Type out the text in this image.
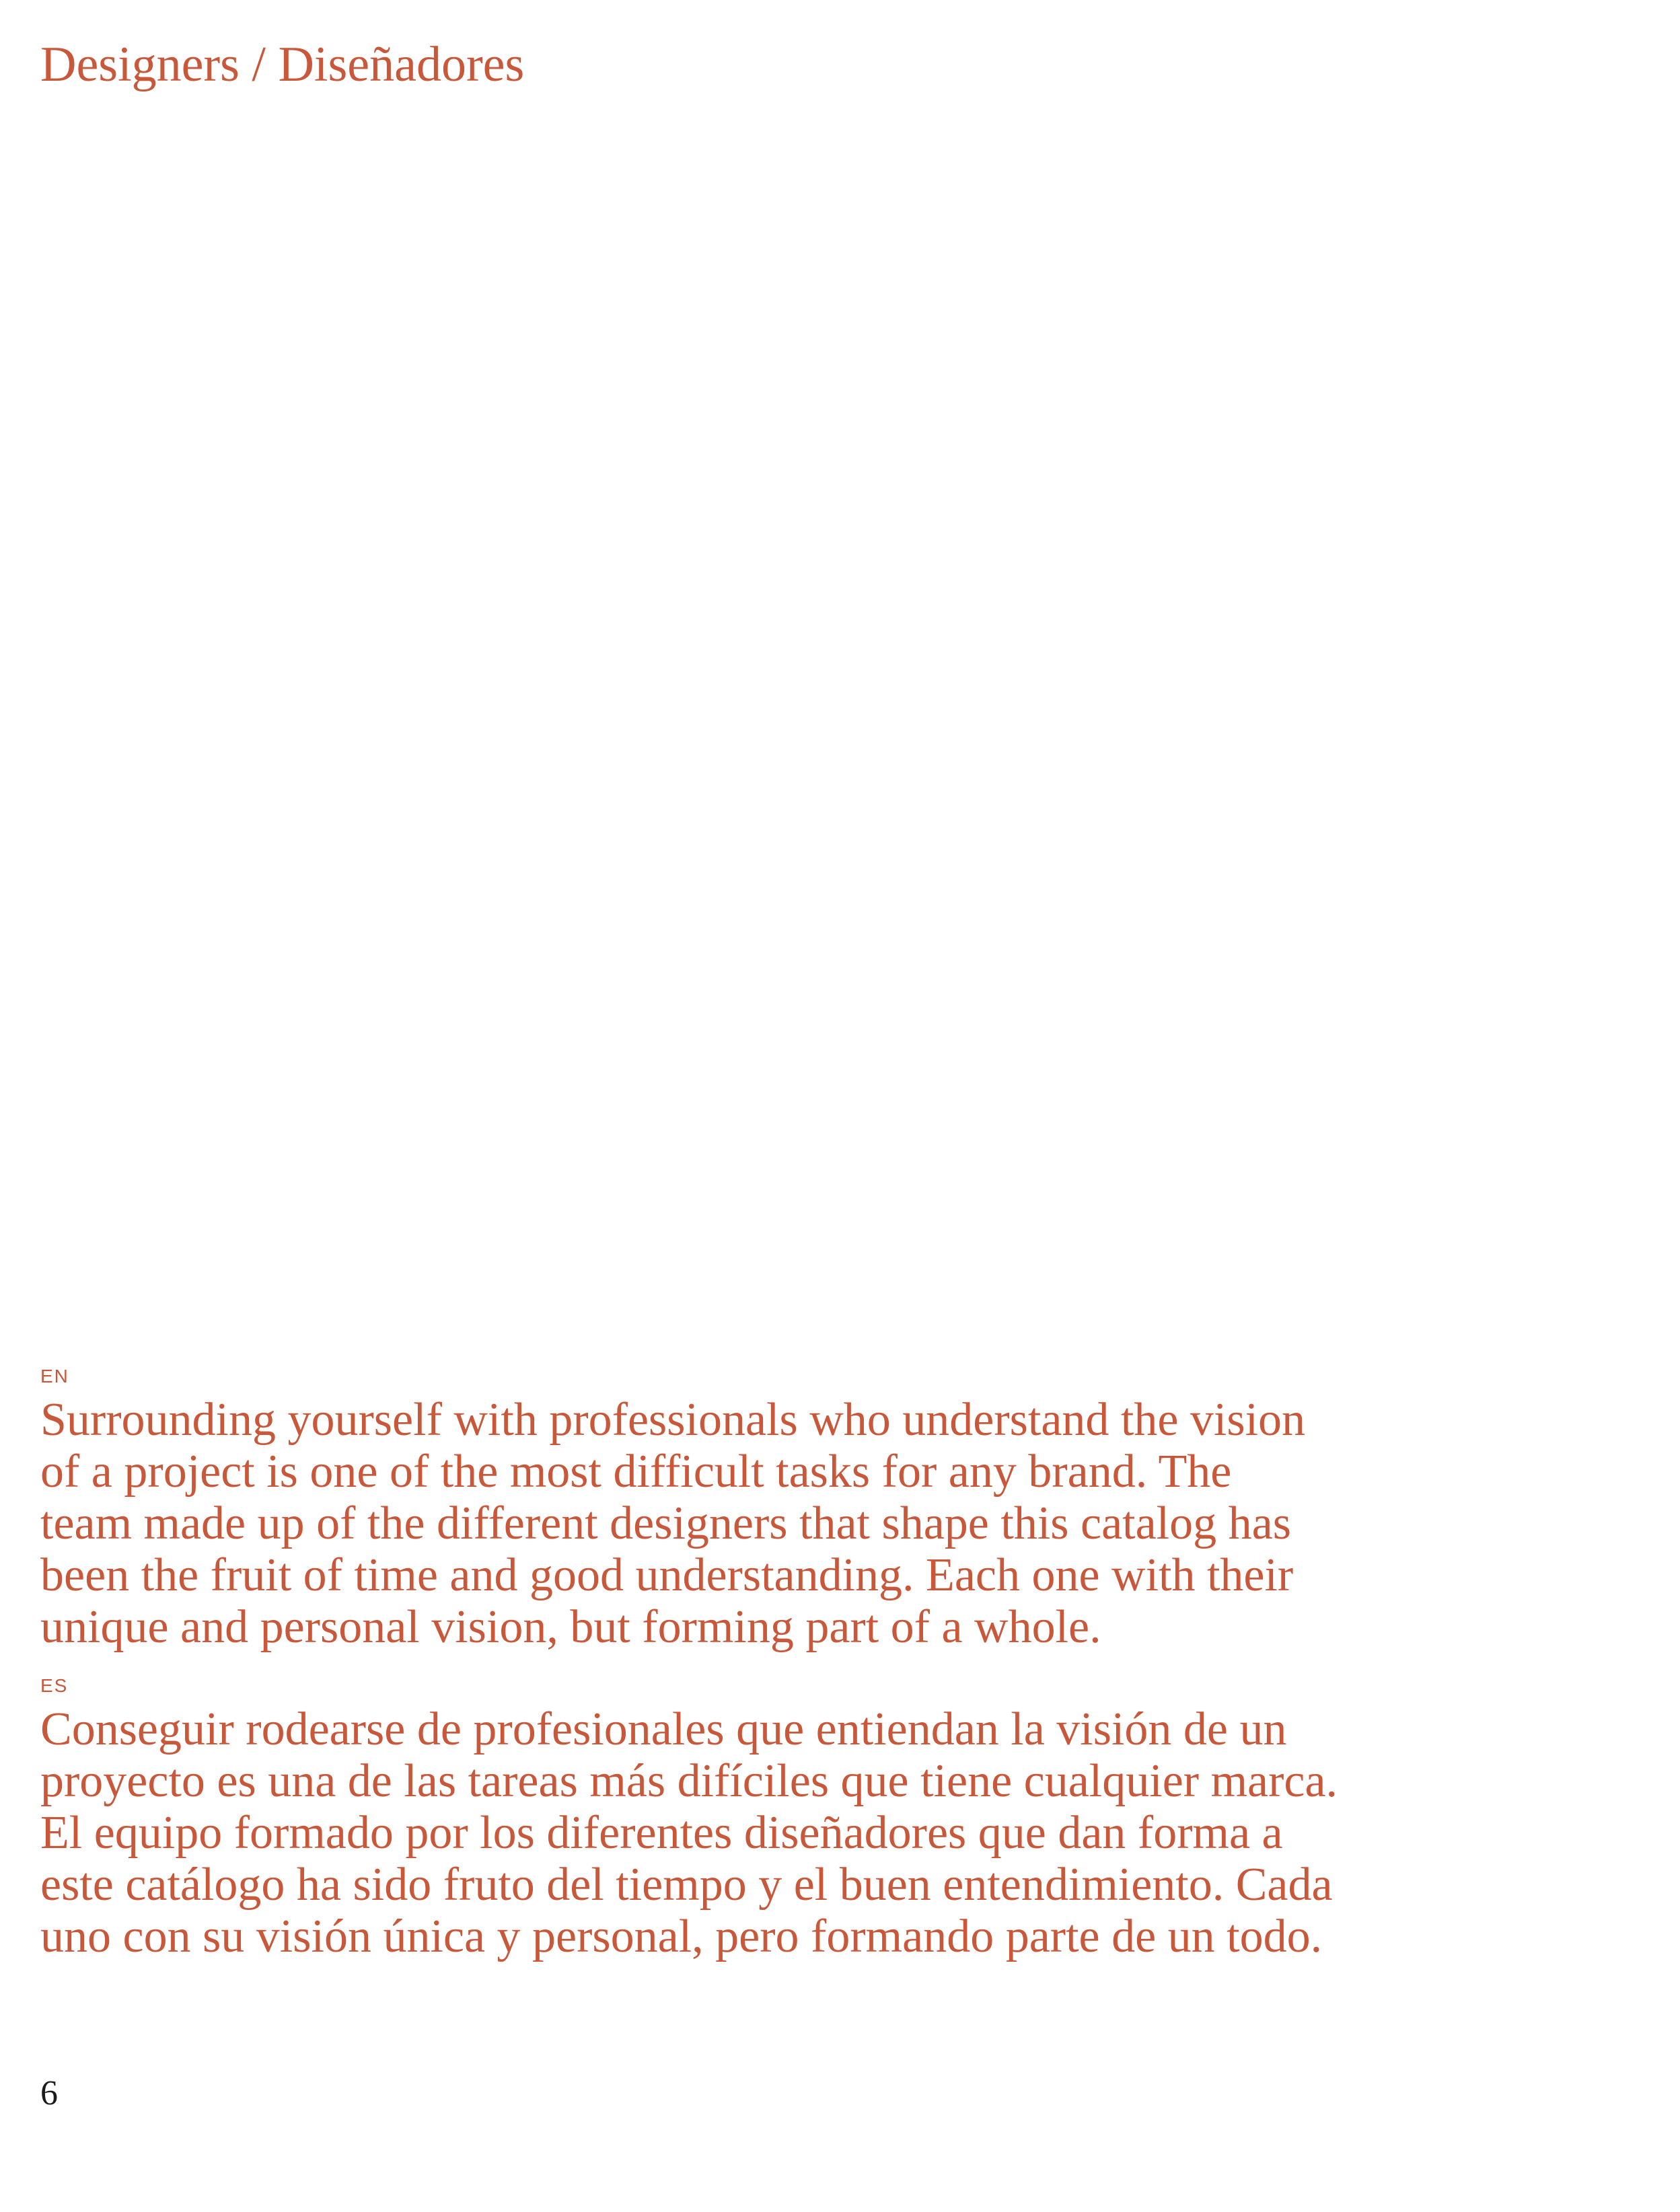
Designers / Diseñadores
EN

Surrounding yourself with professionals who understand the vision
of a project is one of the most difficult tasks for any brand. The
team made up of the different designers that shape this catalog has
been the fruit of time and good understanding. Each one with their
unique and personal vision, but forming part of a whole.

ES

Conseguir rodearse de profesionales que entiendan la visión de un
proyecto es una de las tareas más difíciles que tiene cualquier marca.
El equipo formado por los diferentes diseñadores que dan forma a
este catálogo ha sido fruto del tiempo y el buen entendimiento. Cada
uno con su visión única y personal, pero formando parte de un todo.

6
